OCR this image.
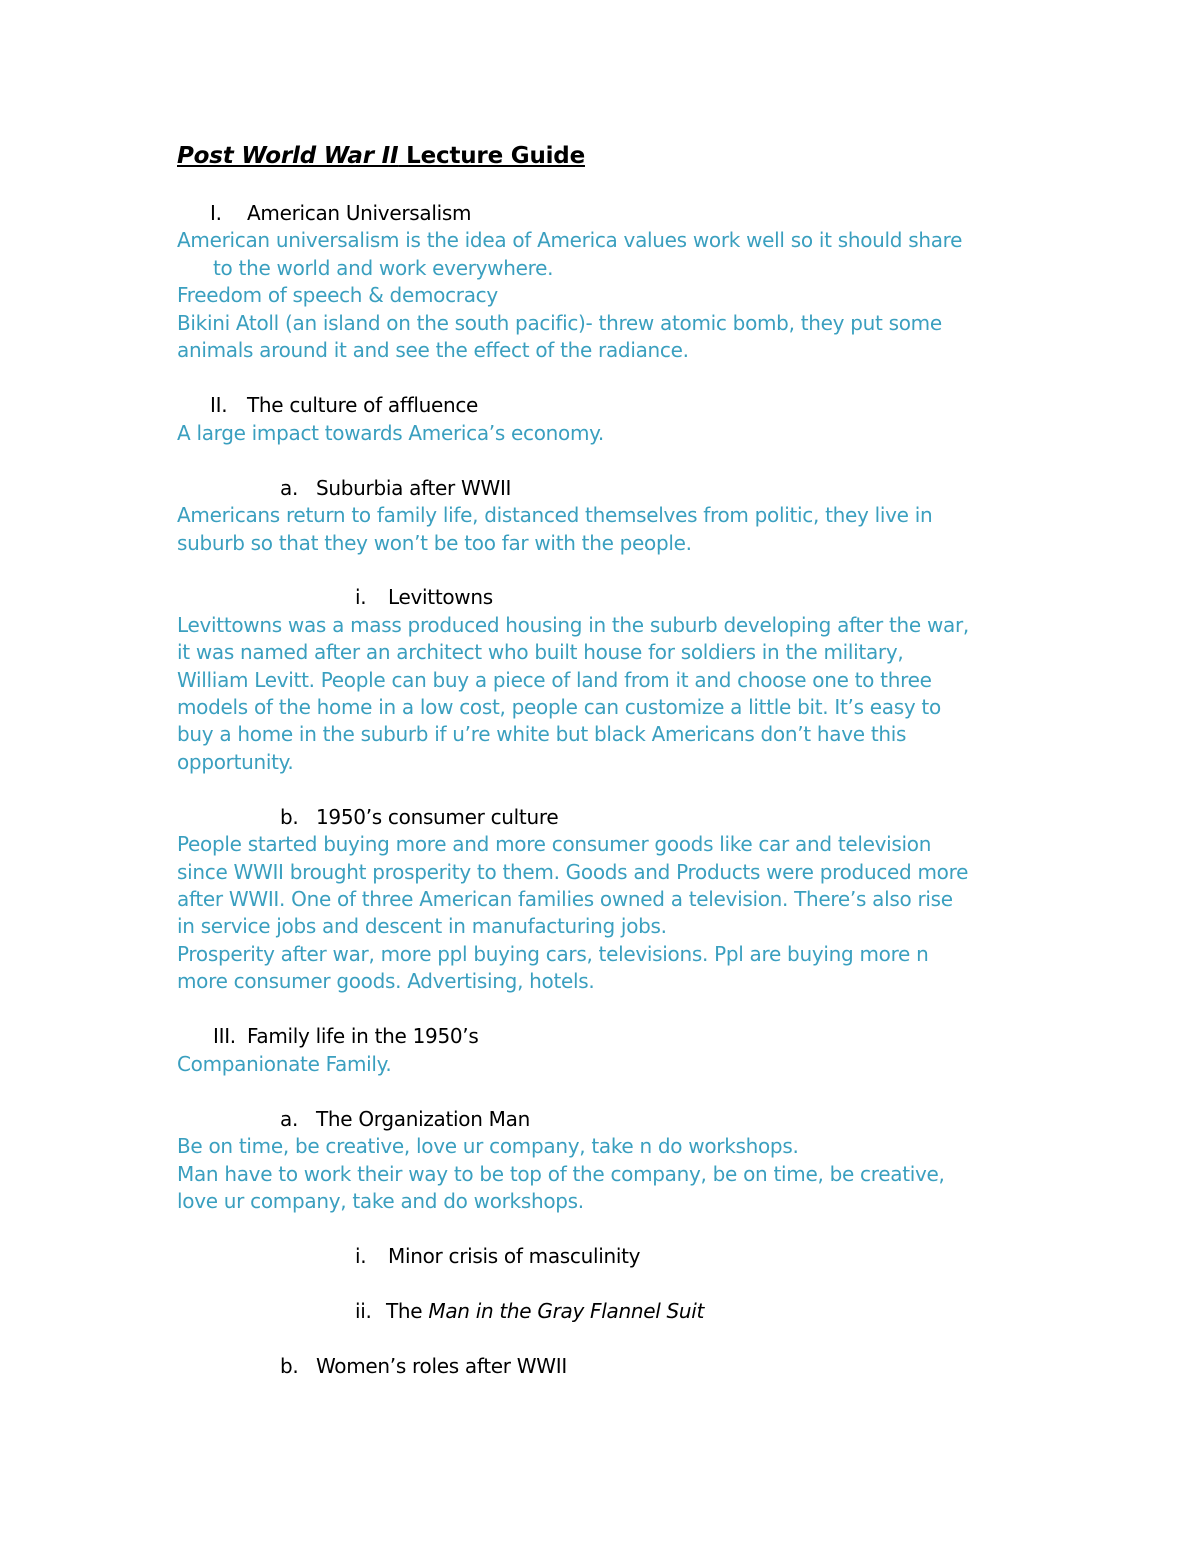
Post World War II Lecture Guide
I. American Universalism
American universalism is the idea of America values work well so it should share
to the world and work everywhere.
Freedom of speech & democracy
Bikini Atoll (an island on the south pacific)- threw atomic bomb, they put some
animals around it and see the effect of the radiance.
II. The culture of affluence
A large impact towards America’s economy.
a. Suburbia after WWII
Americans return to family life, distanced themselves from politic, they live in
suburb so that they won’t be too far with the people.
i. Levittowns
Levittowns was a mass produced housing in the suburb developing after the war,
it was named after an architect who built house for soldiers in the military,
William Levitt. People can buy a piece of land from it and choose one to three
models of the home in a low cost, people can customize a little bit. It’s easy to
buy a home in the suburb if u’re white but black Americans don’t have this
opportunity.
b. 1950’s consumer culture
People started buying more and more consumer goods like car and television
since WWII brought prosperity to them. Goods and Products were produced more
after WWII. One of three American families owned a television. There’s also rise
in service jobs and descent in manufacturing jobs.
Prosperity after war, more ppl buying cars, televisions. Ppl are buying more n
more consumer goods. Advertising, hotels.
III. Family life in the 1950’s
Companionate Family.
a. The Organization Man
Be on time, be creative, love ur company, take n do workshops.
Man have to work their way to be top of the company, be on time, be creative,
love ur company, take and do workshops.
i. Minor crisis of masculinity
ii. The Man in the Gray Flannel Suit
b. Women’s roles after WWII
